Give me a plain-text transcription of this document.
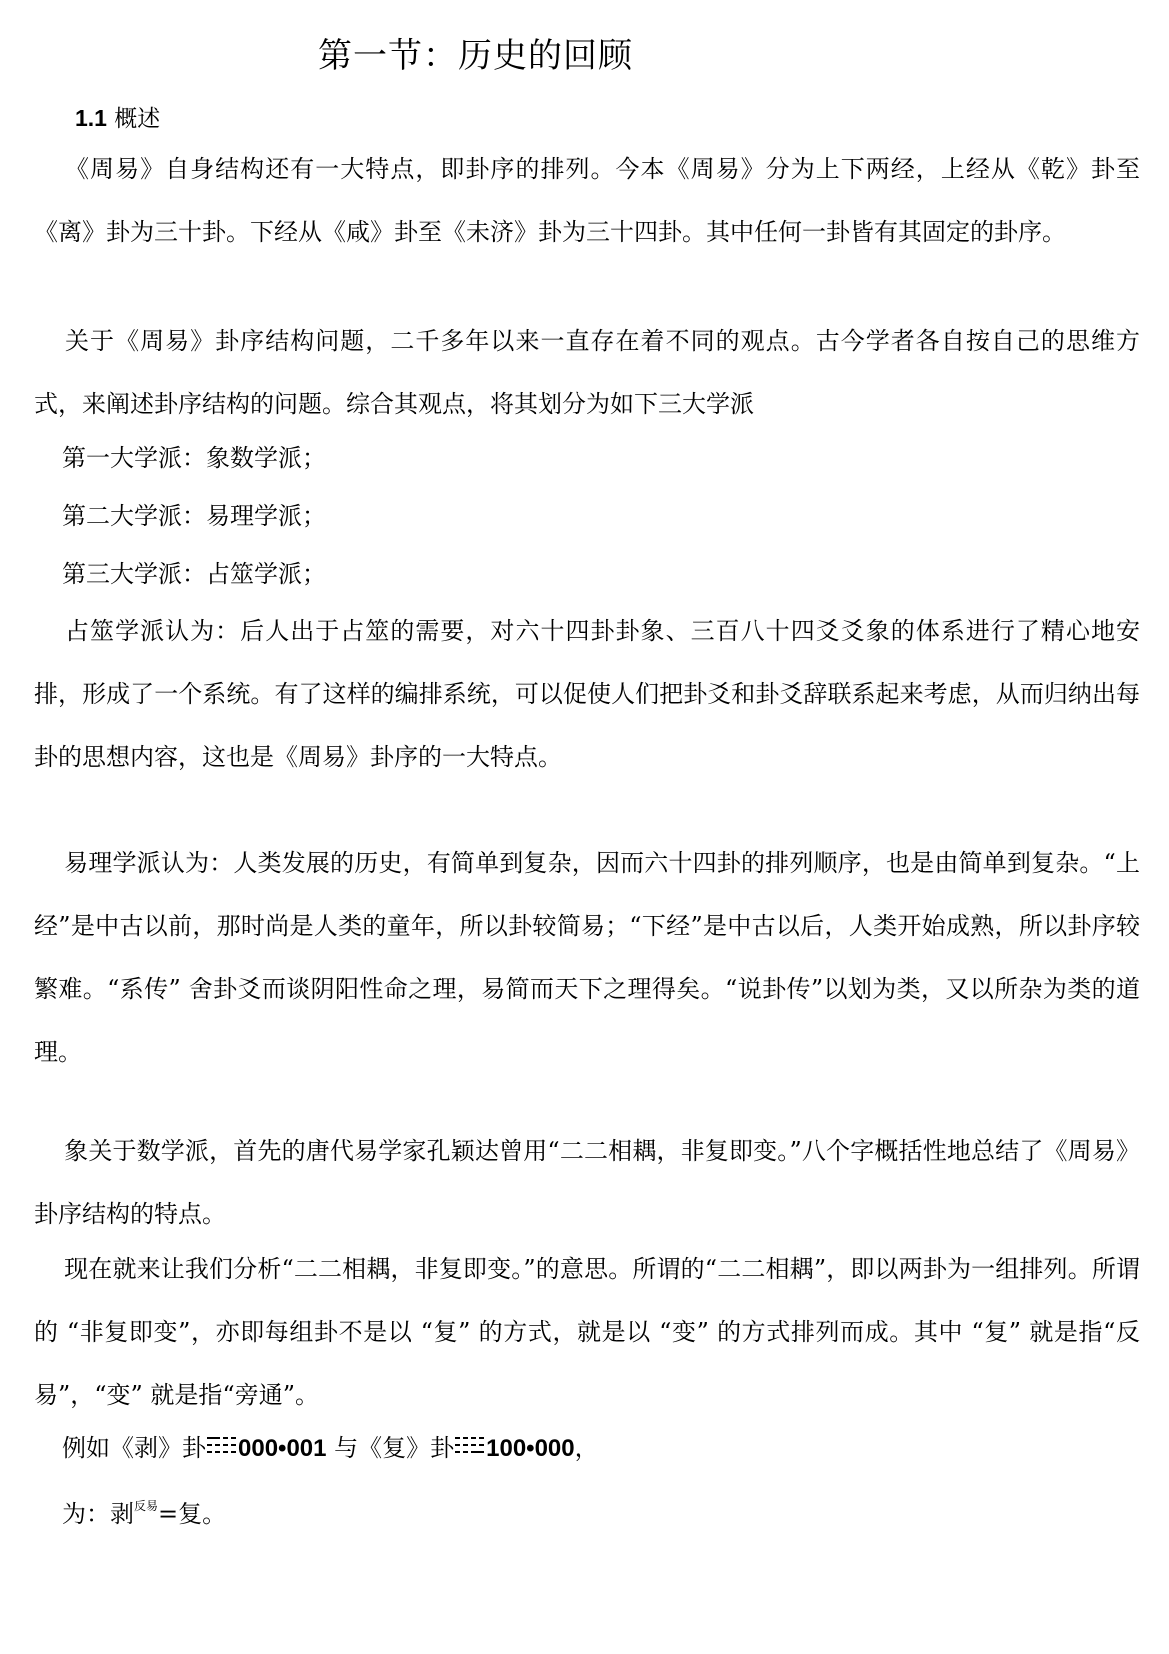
第一节：历史的回顾
1.1 概述

《周易》自身结构还有一大特点，即卦序的排列。今本《周易》分为上下两经，上经从《乾》卦至《离》卦为三十卦。下经从《咸》卦至《未济》卦为三十四卦。其中任何一卦皆有其固定的卦序。

关于《周易》卦序结构问题，二千多年以来一直存在着不同的观点。古今学者各自按自己的思维方式，来阐述卦序结构的问题。综合其观点，将其划分为如下三大学派

第一大学派：象数学派；
第二大学派：易理学派；
第三大学派：占筮学派；

占筮学派认为：后人出于占筮的需要，对六十四卦卦象、三百八十四爻爻象的体系进行了精心地安排，形成了一个系统。有了这样的编排系统，可以促使人们把卦爻和卦爻辞联系起来考虑，从而归纳出每卦的思想内容，这也是《周易》卦序的一大特点。

易理学派认为：人类发展的历史，有简单到复杂，因而六十四卦的排列顺序，也是由简单到复杂。“上经”是中古以前，那时尚是人类的童年，所以卦较简易；“下经”是中古以后，人类开始成熟，所以卦序较繁难。“系传” 舍卦爻而谈阴阳性命之理，易简而天下之理得矣。“说卦传”以划为类，又以所杂为类的道理。

象关于数学派，首先的唐代易学家孔颖达曾用“二二相耦，非复即变。”八个字概括性地总结了《周易》卦序结构的特点。

现在就来让我们分析“二二相耦，非复即变。”的意思。所谓的“二二相耦”，即以两卦为一组排列。所谓的 “非复即变”，亦即每组卦不是以 “复” 的方式，就是以 “变” 的方式排列而成。其中 “复” 就是指“反易”，“变” 就是指“旁通”。

例如《剥》卦 000•001 与《复》卦 100•000，
为：剥$^{反易}$=复。
